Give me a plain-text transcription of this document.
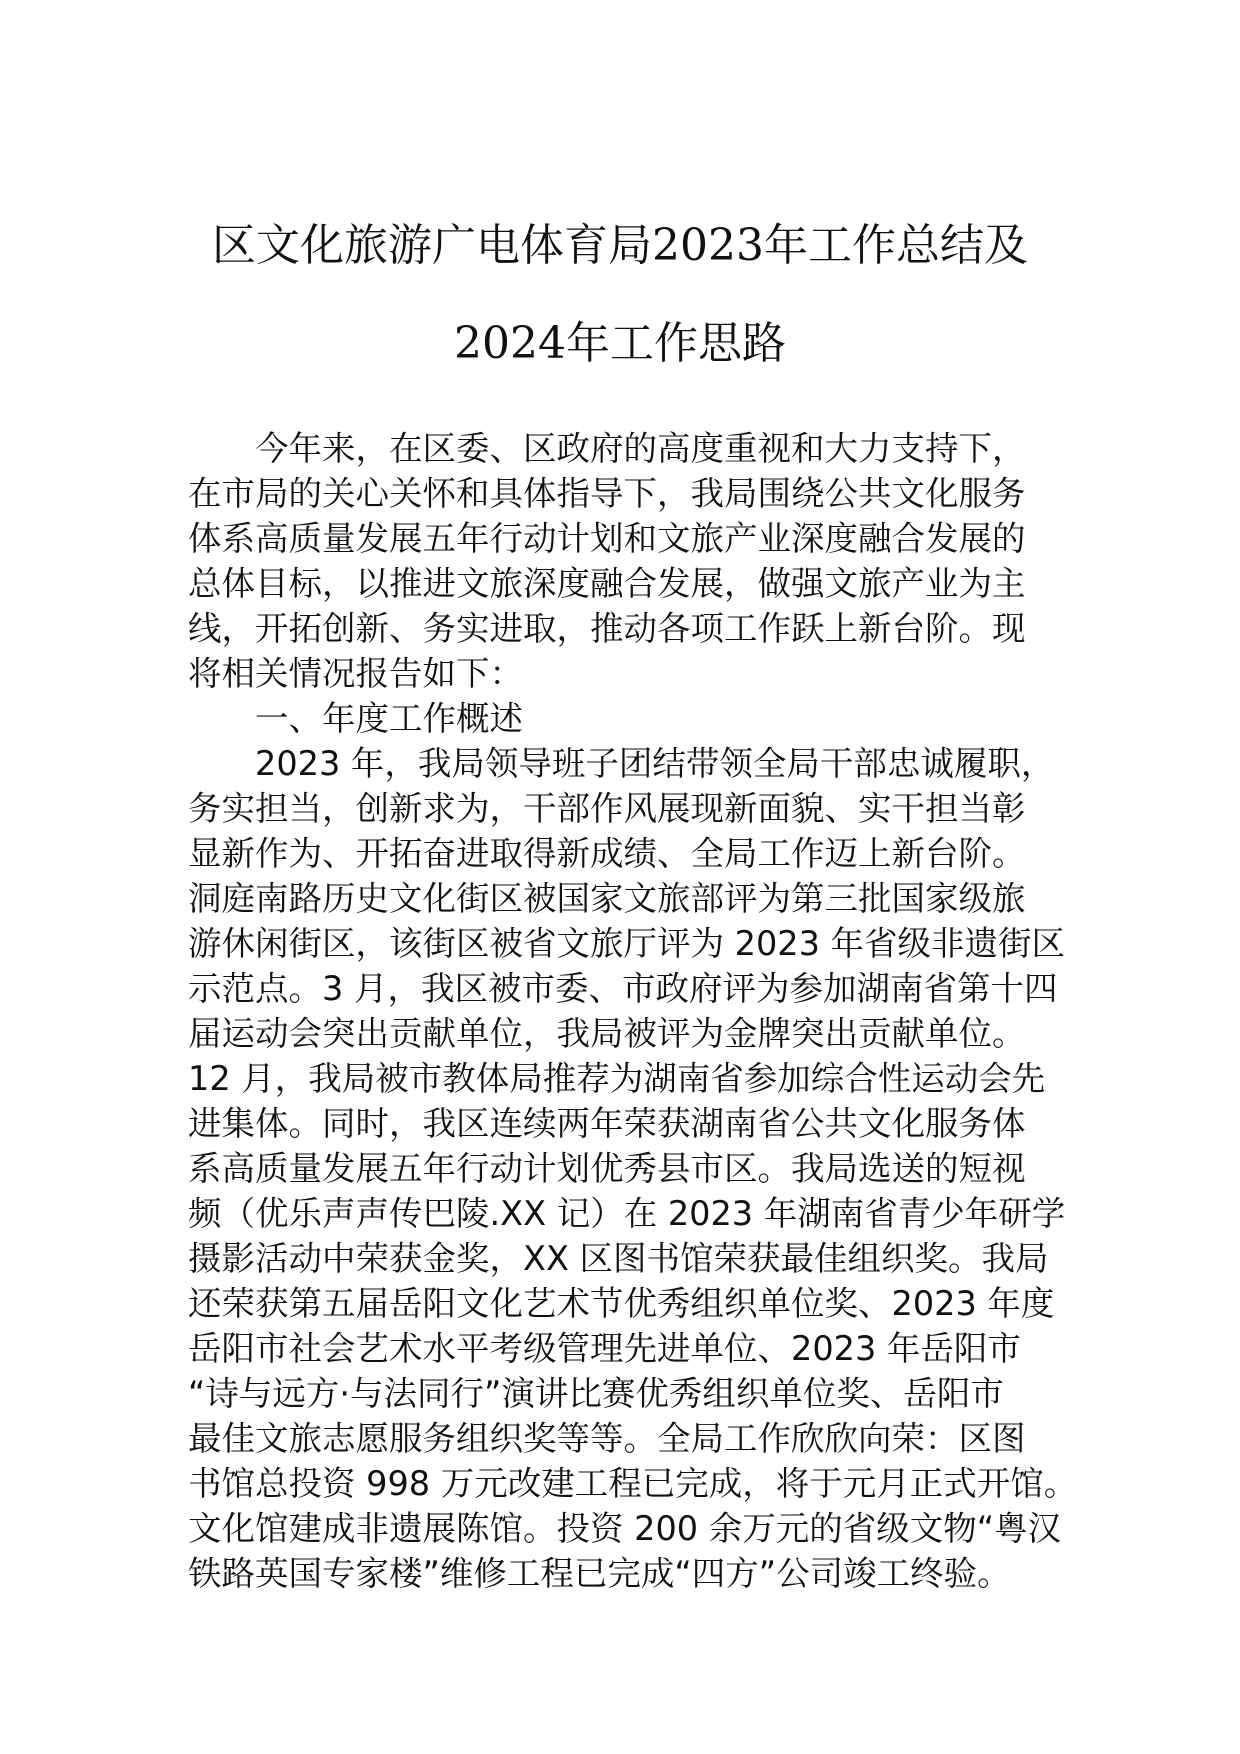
区文化旅游广电体育局2023年工作总结及
2024年工作思路
今年来，在区委、区政府的高度重视和大力支持下，
在市局的关心关怀和具体指导下，我局围绕公共文化服务
体系高质量发展五年行动计划和文旅产业深度融合发展的
总体目标，以推进文旅深度融合发展，做强文旅产业为主
线，开拓创新、务实进取，推动各项工作跃上新台阶。现
将相关情况报告如下：
一、年度工作概述
2023 年，我局领导班子团结带领全局干部忠诚履职，
务实担当，创新求为，干部作风展现新面貌、实干担当彰
显新作为、开拓奋进取得新成绩、全局工作迈上新台阶。
洞庭南路历史文化街区被国家文旅部评为第三批国家级旅
游休闲街区，该街区被省文旅厅评为 2023 年省级非遗街区
示范点。3 月，我区被市委、市政府评为参加湖南省第十四
届运动会突出贡献单位，我局被评为金牌突出贡献单位。
12 月，我局被市教体局推荐为湖南省参加综合性运动会先
进集体。同时，我区连续两年荣获湖南省公共文化服务体
系高质量发展五年行动计划优秀县市区。我局选送的短视
频（优乐声声传巴陵.XX 记）在 2023 年湖南省青少年研学
摄影活动中荣获金奖，XX 区图书馆荣获最佳组织奖。我局
还荣获第五届岳阳文化艺术节优秀组织单位奖、2023 年度
岳阳市社会艺术水平考级管理先进单位、2023 年岳阳市
“诗与远方·与法同行”演讲比赛优秀组织单位奖、岳阳市
最佳文旅志愿服务组织奖等等。全局工作欣欣向荣：区图
书馆总投资 998 万元改建工程已完成，将于元月正式开馆。
文化馆建成非遗展陈馆。投资 200 余万元的省级文物“粤汉
铁路英国专家楼”维修工程已完成“四方”公司竣工终验。
